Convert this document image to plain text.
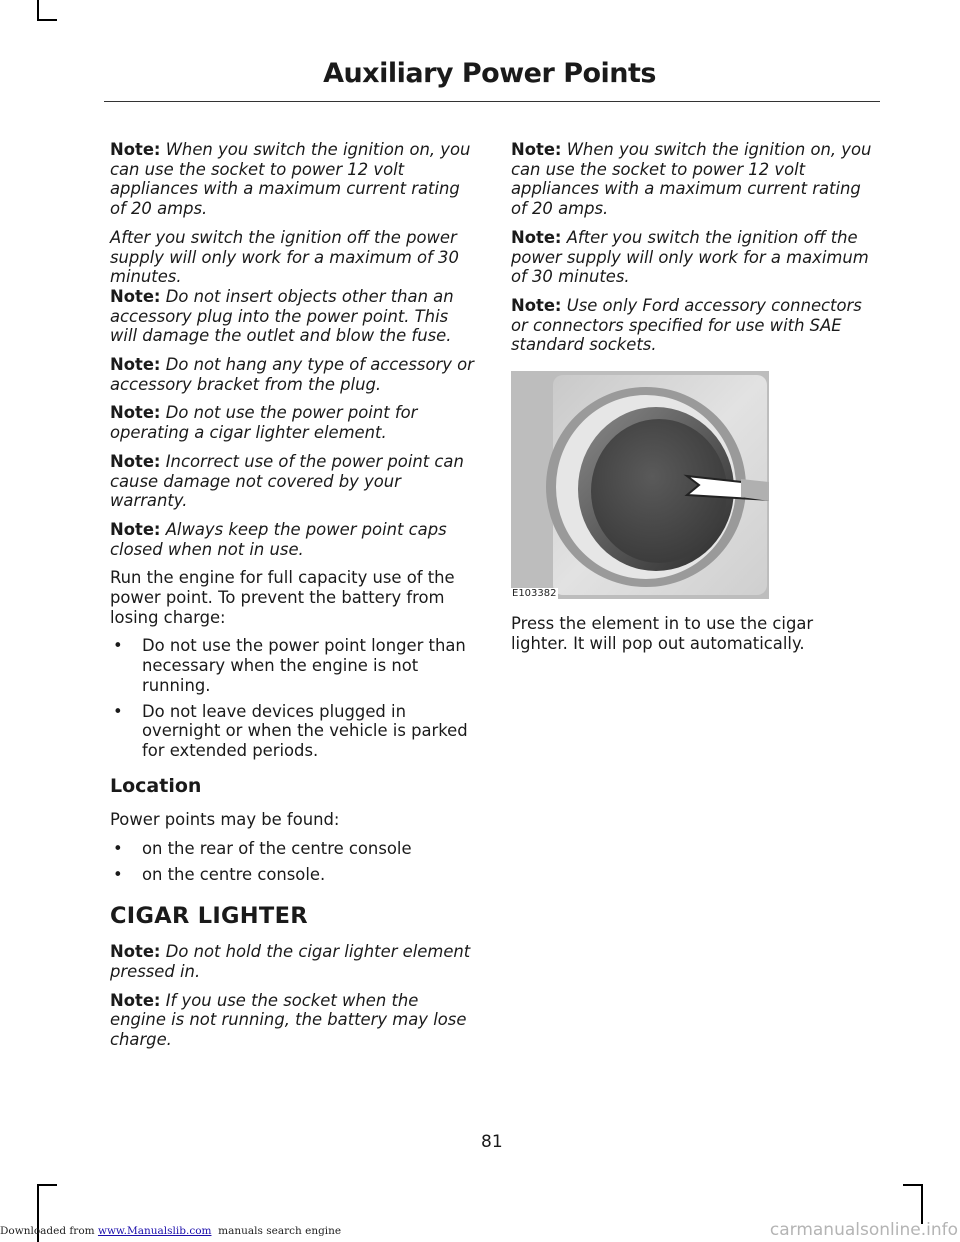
Auxiliary Power Points

Note: When you switch the ignition on, you can use the socket to power 12 volt appliances with a maximum current rating of 20 amps.

After you switch the ignition off the power supply will only work for a maximum of 30 minutes.

Note: Do not insert objects other than an accessory plug into the power point. This will damage the outlet and blow the fuse.

Note: Do not hang any type of accessory or accessory bracket from the plug.

Note: Do not use the power point for operating a cigar lighter element.

Note: Incorrect use of the power point can cause damage not covered by your warranty.

Note: Always keep the power point caps closed when not in use.

Run the engine for full capacity use of the power point. To prevent the battery from losing charge:

• Do not use the power point longer than necessary when the engine is not running.
• Do not leave devices plugged in overnight or when the vehicle is parked for extended periods.
Location

Power points may be found:

• on the rear of the centre console
• on the centre console.
CIGAR LIGHTER

Note: Do not hold the cigar lighter element pressed in.

Note: If you use the socket when the engine is not running, the battery may lose charge.

Note: When you switch the ignition on, you can use the socket to power 12 volt appliances with a maximum current rating of 20 amps.

Note: After you switch the ignition off the power supply will only work for a maximum of 30 minutes.

Note: Use only Ford accessory connectors or connectors specified for use with SAE standard sockets.

E103382
Press the element in to use the cigar lighter. It will pop out automatically.
81
Downloaded from www.Manualslib.com  manuals search engine	carmanualsonline.info
